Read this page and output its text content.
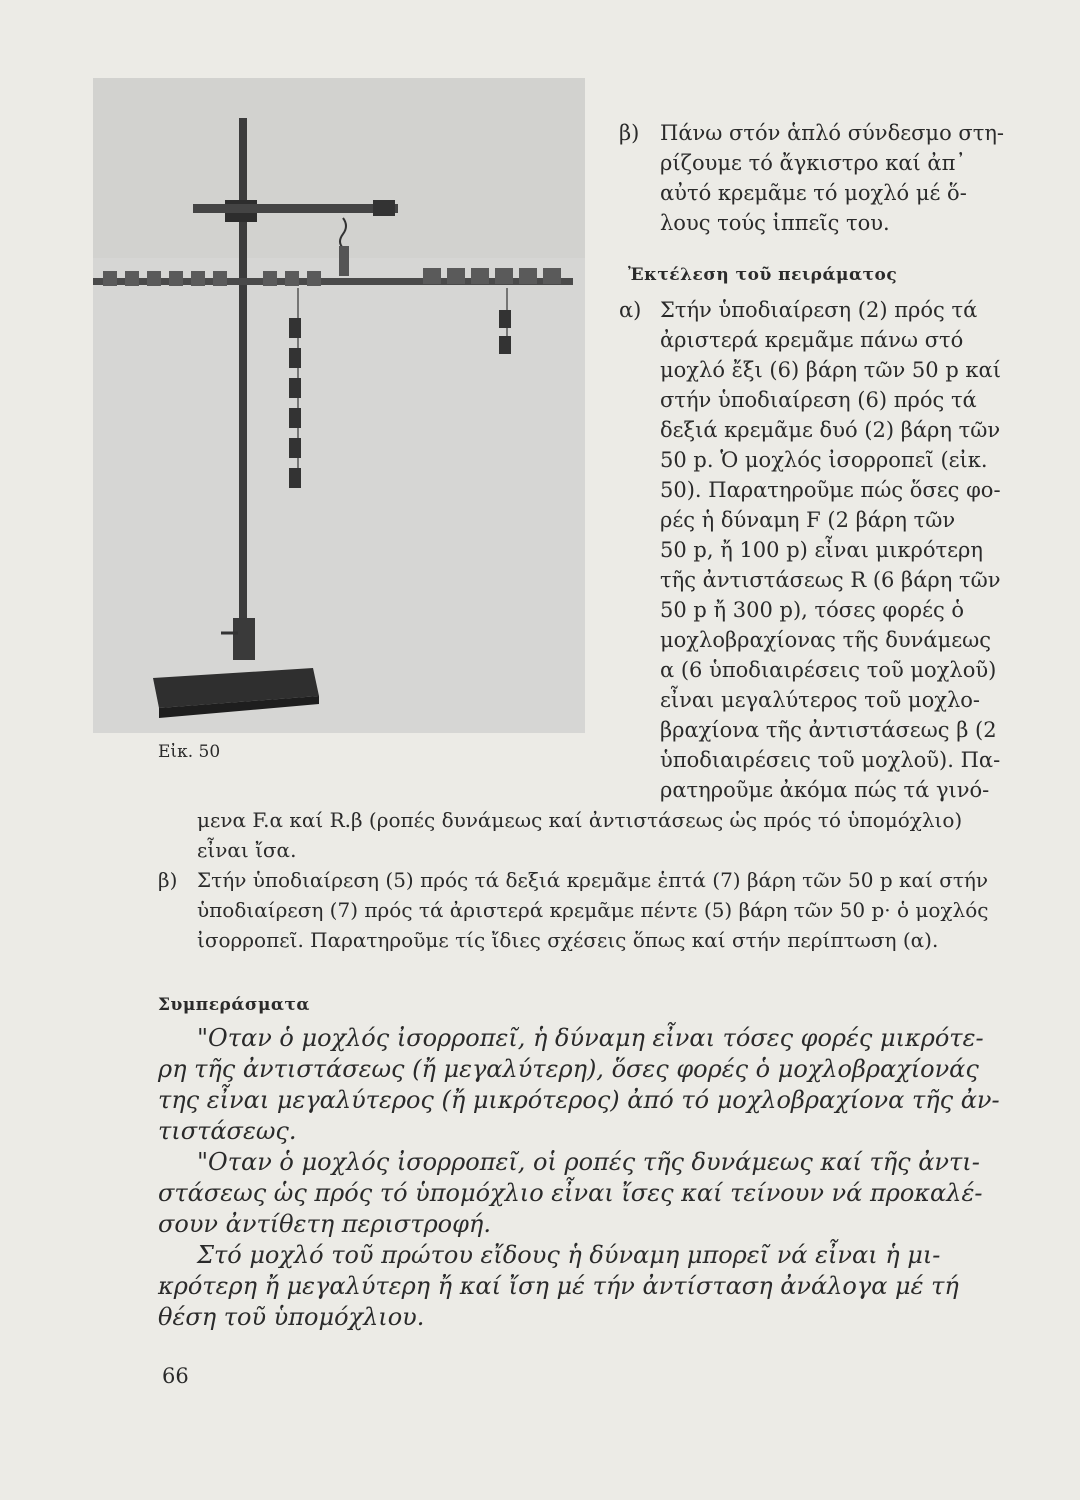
Εἰκ. 50
β) Πάνω στόν ἁπλό σύνδεσμο στη-
ρίζουμε τό ἄγκιστρο καί ἀπ᾿
αὐτό κρεμᾶμε τό μοχλό μέ ὅ-
λους τούς ἱππεῖς του.
Ἐκτέλεση τοῦ πειράματος
α) Στήν ὑποδιαίρεση (2) πρός τά
ἀριστερά κρεμᾶμε πάνω στό
μοχλό ἔξι (6) βάρη τῶν 50 p καί
στήν ὑποδιαίρεση (6) πρός τά
δεξιά κρεμᾶμε δυό (2) βάρη τῶν
50 p. Ὁ μοχλός ἰσορροπεῖ (εἰκ.
50). Παρατηροῦμε πώς ὅσες φο-
ρές ἡ δύναμη F (2 βάρη τῶν
50 p, ἤ 100 p) εἶναι μικρότερη
τῆς ἀντιστάσεως R (6 βάρη τῶν
50 p ἤ 300 p), τόσες φορές ὁ
μοχλοβραχίονας τῆς δυνάμεως
α (6 ὑποδιαιρέσεις τοῦ μοχλοῦ)
εἶναι μεγαλύτερος τοῦ μοχλο-
βραχίονα τῆς ἀντιστάσεως β (2
ὑποδιαιρέσεις τοῦ μοχλοῦ). Πα-
ρατηροῦμε ἀκόμα πώς τά γινό-
μενα F.α καί R.β (ροπές δυνάμεως καί ἀντιστάσεως ὡς πρός τό ὑπομόχλιο)
εἶναι ἴσα.
β) Στήν ὑποδιαίρεση (5) πρός τά δεξιά κρεμᾶμε ἑπτά (7) βάρη τῶν 50 p καί στήν
ὑποδιαίρεση (7) πρός τά ἀριστερά κρεμᾶμε πέντε (5) βάρη τῶν 50 p· ὁ μοχλός
ἰσορροπεῖ. Παρατηροῦμε τίς ἴδιες σχέσεις ὅπως καί στήν περίπτωση (α).
Συμπεράσματα
"Οταν ὁ μοχλός ἰσορροπεῖ, ἡ δύναμη εἶναι τόσες φορές μικρότε-
ρη τῆς ἀντιστάσεως (ἤ μεγαλύτερη), ὅσες φορές ὁ μοχλοβραχίονάς
της εἶναι μεγαλύτερος (ἤ μικρότερος) ἀπό τό μοχλοβραχίονα τῆς ἀν-
τιστάσεως.
"Οταν ὁ μοχλός ἰσορροπεῖ, οἱ ροπές τῆς δυνάμεως καί τῆς ἀντι-
στάσεως ὡς πρός τό ὑπομόχλιο εἶναι ἴσες καί τείνουν νά προκαλέ-
σουν ἀντίθετη περιστροφή.
Στό μοχλό τοῦ πρώτου εἴδους ἡ δύναμη μπορεῖ νά εἶναι ἡ μι-
κρότερη ἤ μεγαλύτερη ἤ καί ἴση μέ τήν ἀντίσταση ἀνάλογα μέ τή
θέση τοῦ ὑπομόχλιου.
66
